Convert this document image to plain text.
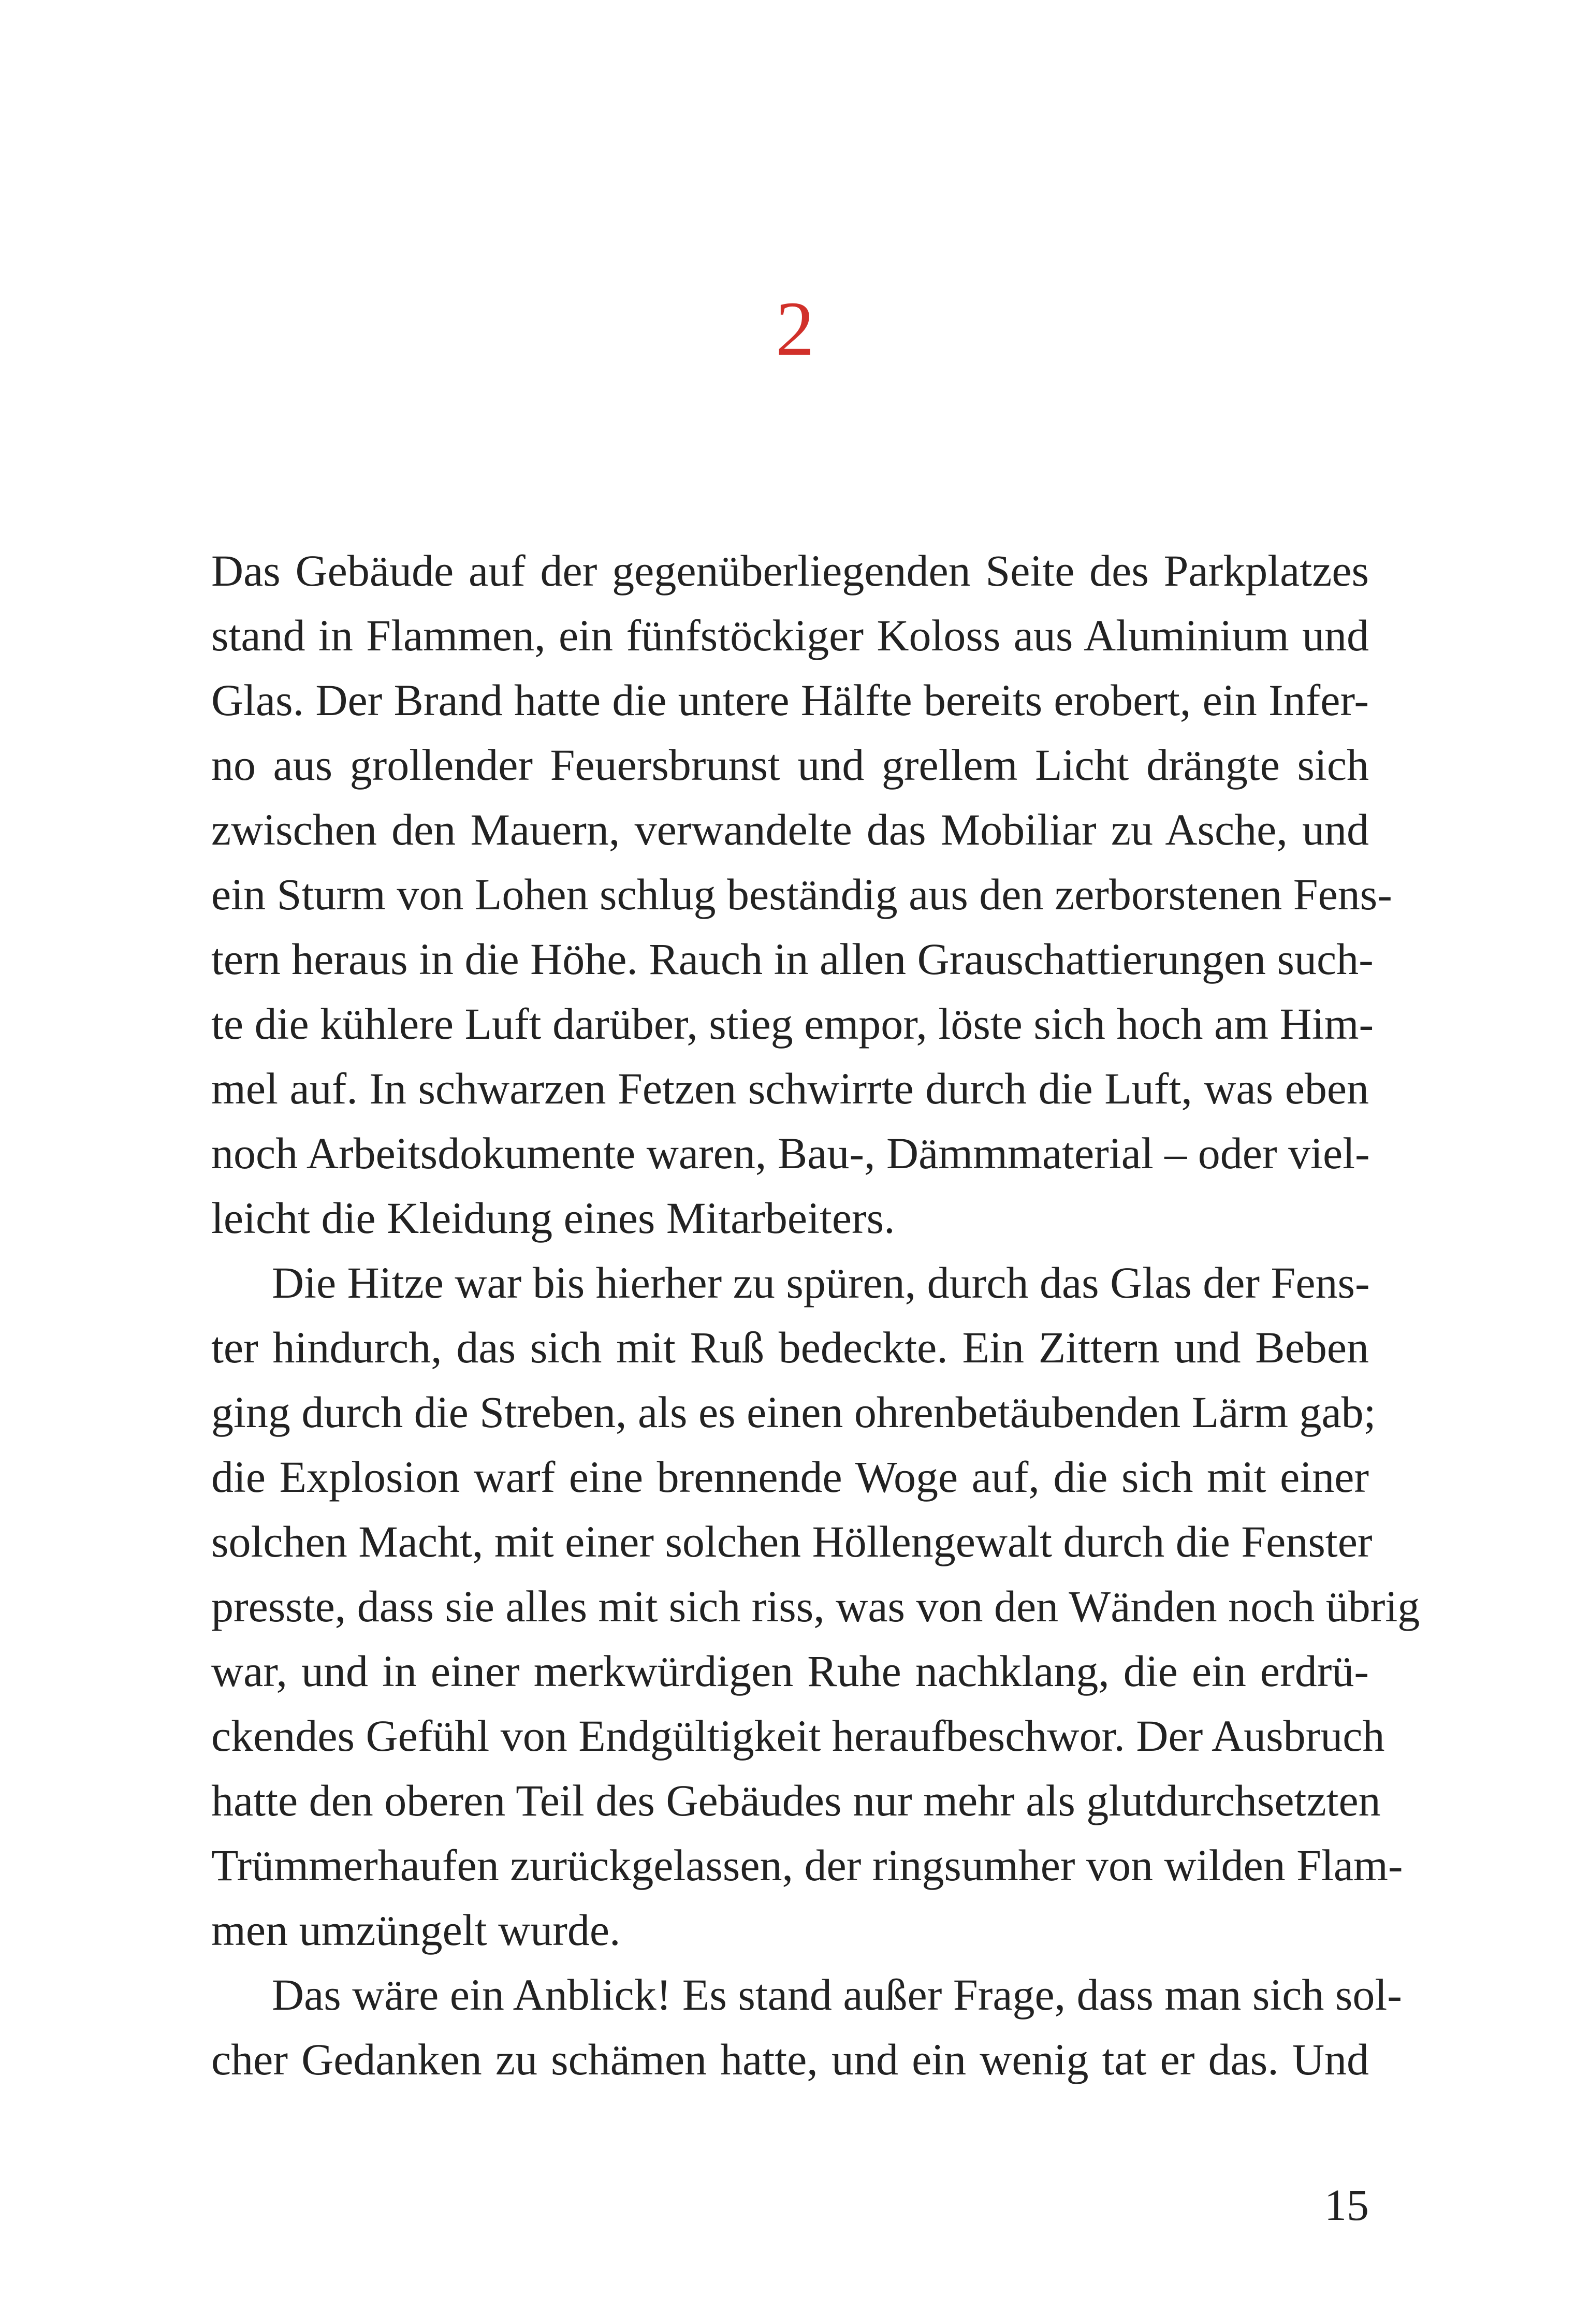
2
Das Gebäude auf der gegenüberliegenden Seite des Parkplatzes
stand in Flammen, ein fünfstöckiger Koloss aus Aluminium und
Glas. Der Brand hatte die untere Hälfte bereits erobert, ein Infer-
no aus grollender Feuersbrunst und grellem Licht drängte sich
zwischen den Mauern, verwandelte das Mobiliar zu Asche, und
ein Sturm von Lohen schlug beständig aus den zerborstenen Fens-
tern heraus in die Höhe. Rauch in allen Grauschattierungen such-
te die kühlere Luft darüber, stieg empor, löste sich hoch am Him-
mel auf. In schwarzen Fetzen schwirrte durch die Luft, was eben
noch Arbeitsdokumente waren, Bau-, Dämmmaterial – oder viel-
leicht die Kleidung eines Mitarbeiters.
Die Hitze war bis hierher zu spüren, durch das Glas der Fens-
ter hindurch, das sich mit Ruß bedeckte. Ein Zittern und Beben
ging durch die Streben, als es einen ohrenbetäubenden Lärm gab;
die Explosion warf eine brennende Woge auf, die sich mit einer
solchen Macht, mit einer solchen Höllengewalt durch die Fenster
presste, dass sie alles mit sich riss, was von den Wänden noch übrig
war, und in einer merkwürdigen Ruhe nachklang, die ein erdrü-
ckendes Gefühl von Endgültigkeit heraufbeschwor. Der Ausbruch
hatte den oberen Teil des Gebäudes nur mehr als glutdurchsetzten
Trümmerhaufen zurückgelassen, der ringsumher von wilden Flam-
men umzüngelt wurde.
Das wäre ein Anblick! Es stand außer Frage, dass man sich sol-
cher Gedanken zu schämen hatte, und ein wenig tat er das. Und
15
